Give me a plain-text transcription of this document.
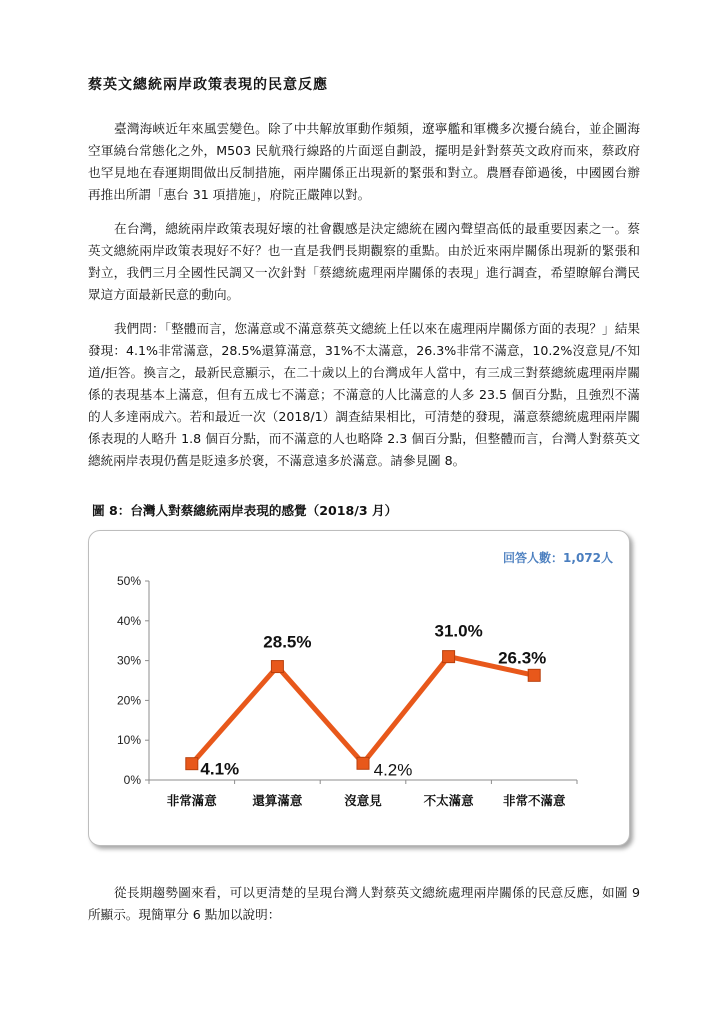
蔡英文總統兩岸政策表現的民意反應

臺灣海峽近年來風雲變色。除了中共解放軍動作頻頻，遼寧艦和軍機多次擾台繞台，並企圖海空軍繞台常態化之外，M503 民航飛行線路的片面逕自劃設，擺明是針對蔡英文政府而來，蔡政府也罕見地在春運期間做出反制措施，兩岸關係正出現新的緊張和對立。農曆春節過後，中國國台辦再推出所謂「惠台 31 項措施」，府院正嚴陣以對。

在台灣，總統兩岸政策表現好壞的社會觀感是決定總統在國內聲望高低的最重要因素之一。蔡英文總統兩岸政策表現好不好？也一直是我們長期觀察的重點。由於近來兩岸關係出現新的緊張和對立，我們三月全國性民調又一次針對「蔡總統處理兩岸關係的表現」進行調查，希望瞭解台灣民眾這方面最新民意的動向。

我們問：「整體而言，您滿意或不滿意蔡英文總統上任以來在處理兩岸關係方面的表現？」結果發現：4.1%非常滿意，28.5%還算滿意，31%不太滿意，26.3%非常不滿意，10.2%沒意見/不知道/拒答。換言之，最新民意顯示，在二十歲以上的台灣成年人當中，有三成三對蔡總統處理兩岸關係的表現基本上滿意，但有五成七不滿意；不滿意的人比滿意的人多 23.5 個百分點，且強烈不滿的人多達兩成六。若和最近一次（2018/1）調查結果相比，可清楚的發現，滿意蔡總統處理兩岸關係表現的人略升 1.8 個百分點，而不滿意的人也略降 2.3 個百分點，但整體而言，台灣人對蔡英文總統兩岸表現仍舊是貶遠多於褒，不滿意遠多於滿意。請參見圖 8。

圖 8：台灣人對蔡總統兩岸表現的感覺（2018/3 月）
0%
10%
20%
30%
40%
50%
非常滿意	還算滿意	沒意見	不太滿意 非常不滿意
4.1%
28.5%
4.2%
31.0%
26.3%
回答人數：1,072人

從長期趨勢圖來看，可以更清楚的呈現台灣人對蔡英文總統處理兩岸關係的民意反應，如圖 9 所顯示。現簡單分 6 點加以說明：
